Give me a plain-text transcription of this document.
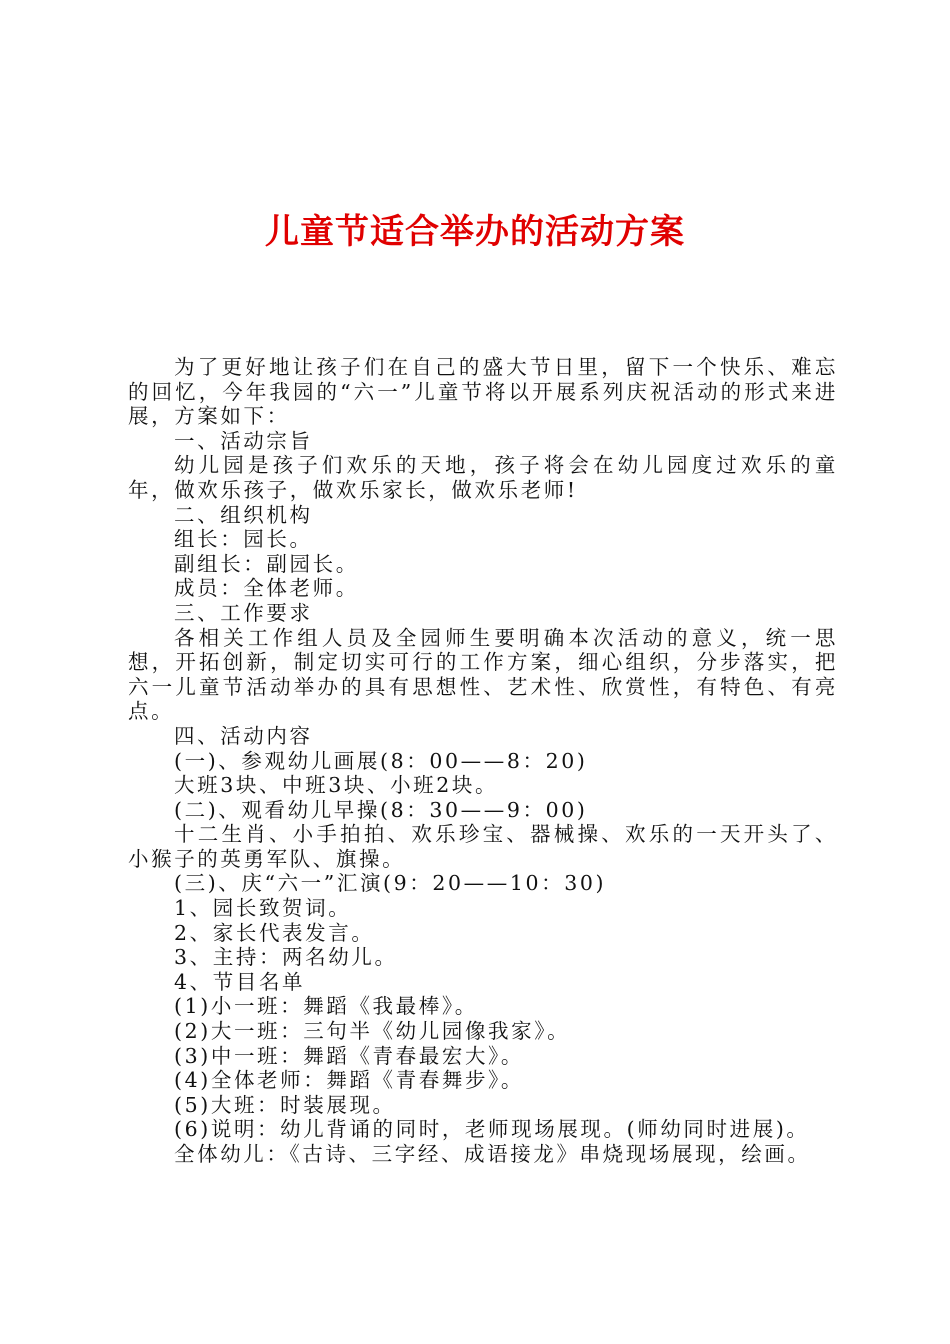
儿童节适合举办的活动方案

为了更好地让孩子们在自己的盛大节日里，留下一个快乐、难忘的回忆，今年我园的“六一”儿童节将以开展系列庆祝活动的形式来进展，方案如下：

一、活动宗旨

幼儿园是孩子们欢乐的天地，孩子将会在幼儿园度过欢乐的童年，做欢乐孩子，做欢乐家长，做欢乐老师!

二、组织机构

组长：园长。

副组长：副园长。

成员：全体老师。

三、工作要求

各相关工作组人员及全园师生要明确本次活动的意义，统一思想，开拓创新，制定切实可行的工作方案，细心组织，分步落实，把六一儿童节活动举办的具有思想性、艺术性、欣赏性，有特色、有亮点。

四、活动内容

(一)、参观幼儿画展(8：00——8：20)

大班3块、中班3块、小班2块。

(二)、观看幼儿早操(8：30——9：00)

十二生肖、小手拍拍、欢乐珍宝、器械操、欢乐的一天开头了、小猴子的英勇军队、旗操。

(三)、庆“六一”汇演(9：20——10：30)

1、园长致贺词。

2、家长代表发言。

3、主持：两名幼儿。

4、节目名单

(1)小一班：舞蹈《我最棒》。

(2)大一班：三句半《幼儿园像我家》。

(3)中一班：舞蹈《青春最宏大》。

(4)全体老师：舞蹈《青春舞步》。

(5)大班：时装展现。

(6)说明：幼儿背诵的同时，老师现场展现。(师幼同时进展)。

全体幼儿：《古诗、三字经、成语接龙》串烧现场展现，绘画。
